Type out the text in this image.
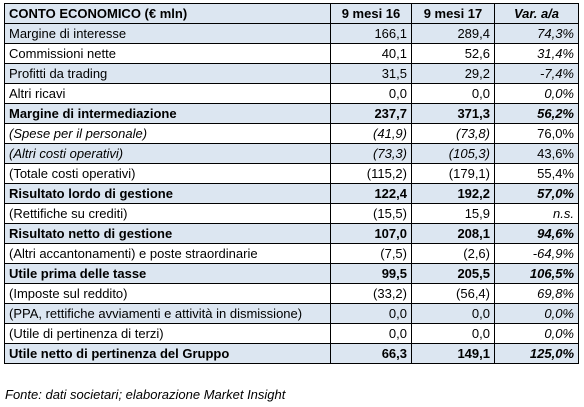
CONTO ECONOMICO (€ mln)	9 mesi 16	9 mesi 17	Var. a/a
Margine di interesse	166,1	289,4	74,3%
Commissioni nette	40,1	52,6	31,4%
Profitti da trading	31,5	29,2	-7,4%
Altri ricavi	0,0	0,0	0,0%
Margine di intermediazione	237,7	371,3	56,2%
(Spese per il personale)	(41,9)	(73,8)	76,0%
(Altri costi operativi)	(73,3)	(105,3)	43,6%
(Totale costi operativi)	(115,2)	(179,1)	55,4%
Risultato lordo di gestione	122,4	192,2	57,0%
(Rettifiche su crediti)	(15,5)	15,9	n.s.
Risultato netto di gestione	107,0	208,1	94,6%
(Altri accantonamenti) e poste straordinarie	(7,5)	(2,6)	-64,9%
Utile prima delle tasse	99,5	205,5	106,5%
(Imposte sul reddito)	(33,2)	(56,4)	69,8%
(PPA, rettifiche avviamenti e attività in dismissione)	0,0	0,0	0,0%
(Utile di pertinenza di terzi)	0,0	0,0	0,0%
Utile netto di pertinenza del Gruppo	66,3	149,1	125,0%
Fonte: dati societari; elaborazione Market Insight
